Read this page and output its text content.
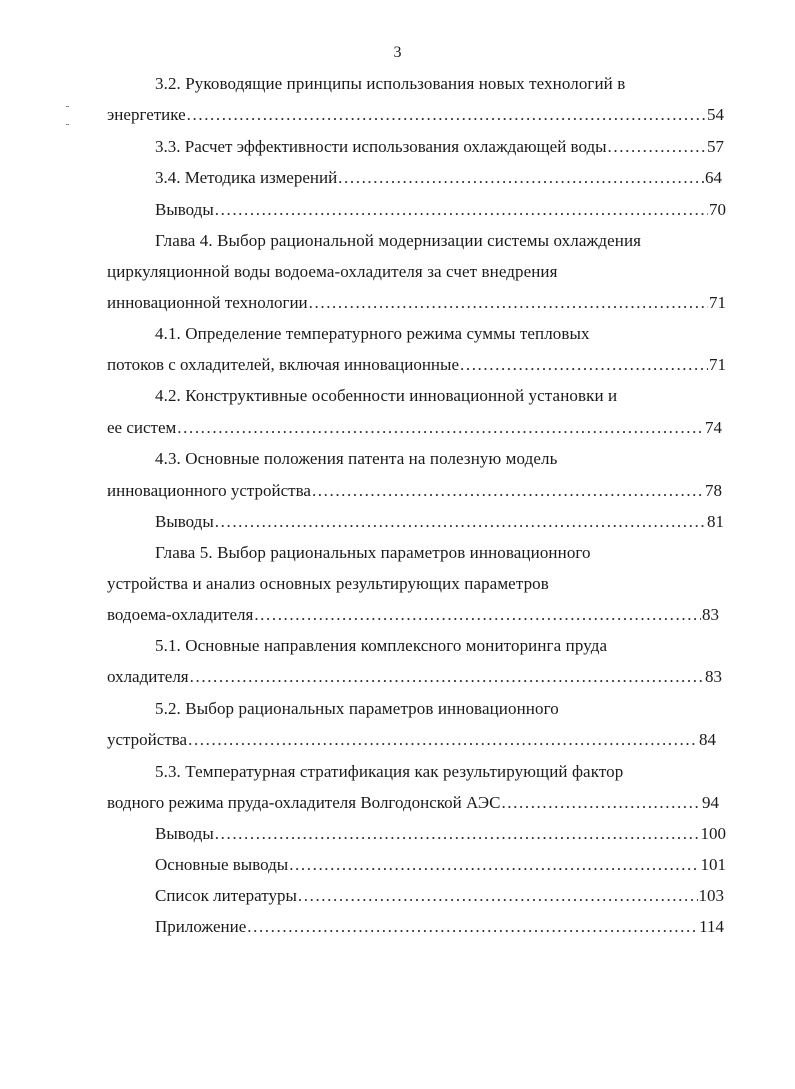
3
3.2. Руководящие принципы использования новых технологий в
энергетике .....	54
3.3. Расчет эффективности использования охлаждающей воды .....	57
3.4. Методика измерений .....	64
Выводы .....	70
Глава 4. Выбор рациональной модернизации системы охлаждения
циркуляционной воды водоема-охладителя за счет внедрения
инновационной технологии .....	71
4.1. Определение температурного режима суммы тепловых
потоков с охладителей, включая инновационные .....	71
4.2. Конструктивные особенности инновационной установки и
ее систем .....	74
4.3. Основные положения патента на полезную модель
инновационного устройства .....	78
Выводы .....	81
Глава 5. Выбор рациональных параметров инновационного
устройства и анализ основных результирующих параметров
водоема-охладителя .....	83
5.1. Основные направления комплексного мониторинга пруда
охладителя .....	83
5.2. Выбор рациональных параметров инновационного
устройства .....	84
5.3. Температурная стратификация как результирующий фактор
водного режима пруда-охладителя Волгодонской АЭС .....	94
Выводы .....	100
Основные выводы .....	101
Список литературы .....	103
Приложение .....	114
